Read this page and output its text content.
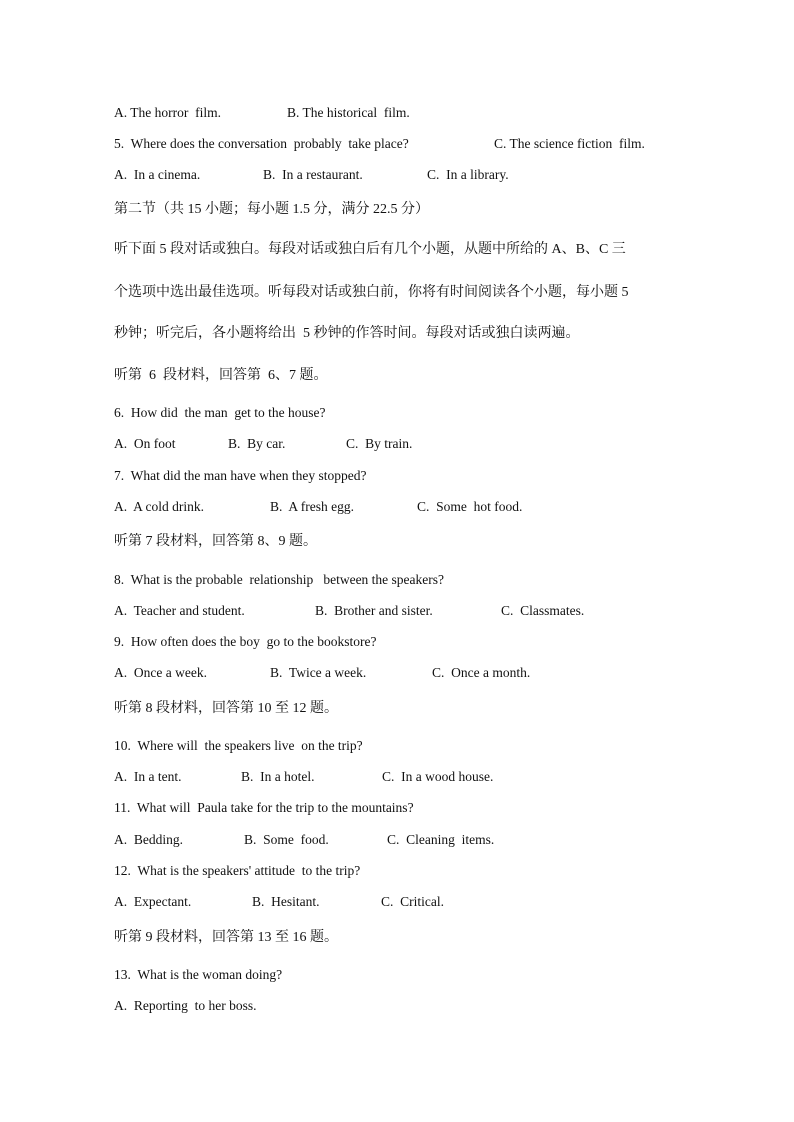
A. The horror  film.	B. The historical  film.
5.  Where does the conversation  probably  take place?	C. The science fiction  film.
A.  In a cinema.	B.  In a restaurant.	C.  In a library.
第二节（共 15 小题；每小题 1.5 分，满分 22.5 分）
听下面 5 段对话或独白。每段对话或独白后有几个小题，从题中所给的 A、B、C 三
个选项中选出最佳选项。听每段对话或独白前，你将有时间阅读各个小题，每小题 5
秒钟；听完后，各小题将给出  5 秒钟的作答时间。每段对话或独白读两遍。
听第  6  段材料，回答第  6、7 题。
6.  How did  the man  get to the house?
A.  On foot	B.  By car.	C.  By train.
7.  What did the man have when they stopped?
A.  A cold drink.	B.  A fresh egg.	C.  Some  hot food.
听第 7 段材料，回答第 8、9 题。
8.  What is the probable  relationship   between the speakers?
A.  Teacher and student.	B.  Brother and sister.	C.  Classmates.
9.  How often does the boy  go to the bookstore?
A.  Once a week.	B.  Twice a week.	C.  Once a month.
听第 8 段材料，回答第 10 至 12 题。
10.  Where will  the speakers live  on the trip?
A.  In a tent.	B.  In a hotel.	C.  In a wood house.
11.  What will  Paula take for the trip to the mountains?
A.  Bedding.	B.  Some  food.	C.  Cleaning  items.
12.  What is the speakers' attitude  to the trip?
A.  Expectant.	B.  Hesitant.	C.  Critical.
听第 9 段材料，回答第 13 至 16 题。
13.  What is the woman doing?
A.  Reporting  to her boss.
